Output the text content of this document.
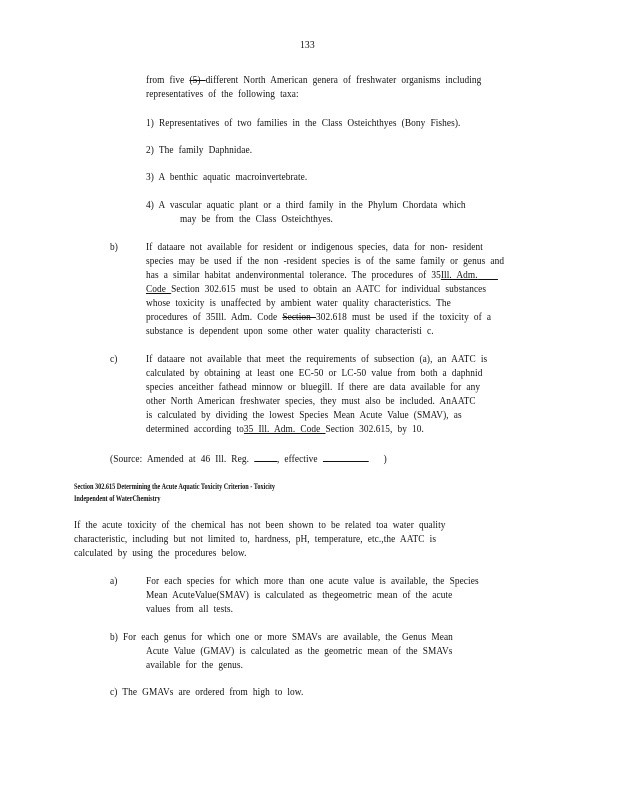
133
from five (5) different North American genera of freshwater organisms including
representatives of the following taxa:
1) Representatives of two families in the Class Osteichthyes (Bony Fishes).
2) The family Daphnidae.
3) A benthic aquatic macroinvertebrate.
4) A vascular aquatic plant or a third family in the Phylum Chordata which
may be from the Class Osteichthyes.
b)	If dataare not available for resident or indigenous species, data for non- resident
species may be used if the non -resident species is of the same family or genus and
has a similar habitat andenvironmental tolerance. The procedures of 35Ill. Adm.
Code Section 302.615 must be used to obtain an AATC for individual substances
whose toxicity is unaffected by ambient water quality characteristics. The
procedures of 35Ill. Adm. Code Section 302.618 must be used if the toxicity of a
substance is dependent upon some other water quality characteristi c.
c)	If dataare not available that meet the requirements of subsection (a), an AATC is
calculated by obtaining at least one EC-50 or LC-50 value from both a daphnid
species anceither fathead minnow or bluegill. If there are data available for any
other North American freshwater species, they must also be included. AnAATC
is calculated by dividing the lowest Species Mean Acute Value (SMAV), as
determined according to35 Ill. Adm. Code Section 302.615, by 10.
(Source: Amended at 46 Ill. Reg. , effective	)
Section 302.615 Determining the Acute Aquatic Toxicity Criterion - Toxicity
Independent of WaterChemistry
If the acute toxicity of the chemical has not been shown to be related toa water quality
characteristic, including but not limited to, hardness, pH, temperature, etc.,the AATC is
calculated by using the procedures below.
a)	For each species for which more than one acute value is available, the Species
Mean AcuteValue(SMAV) is calculated as thegeometric mean of the acute
values from all tests.
b) For each genus for which one or more SMAVs are available, the Genus Mean
Acute Value (GMAV) is calculated as the geometric mean of the SMAVs
available for the genus.
c) The GMAVs are ordered from high to low.
